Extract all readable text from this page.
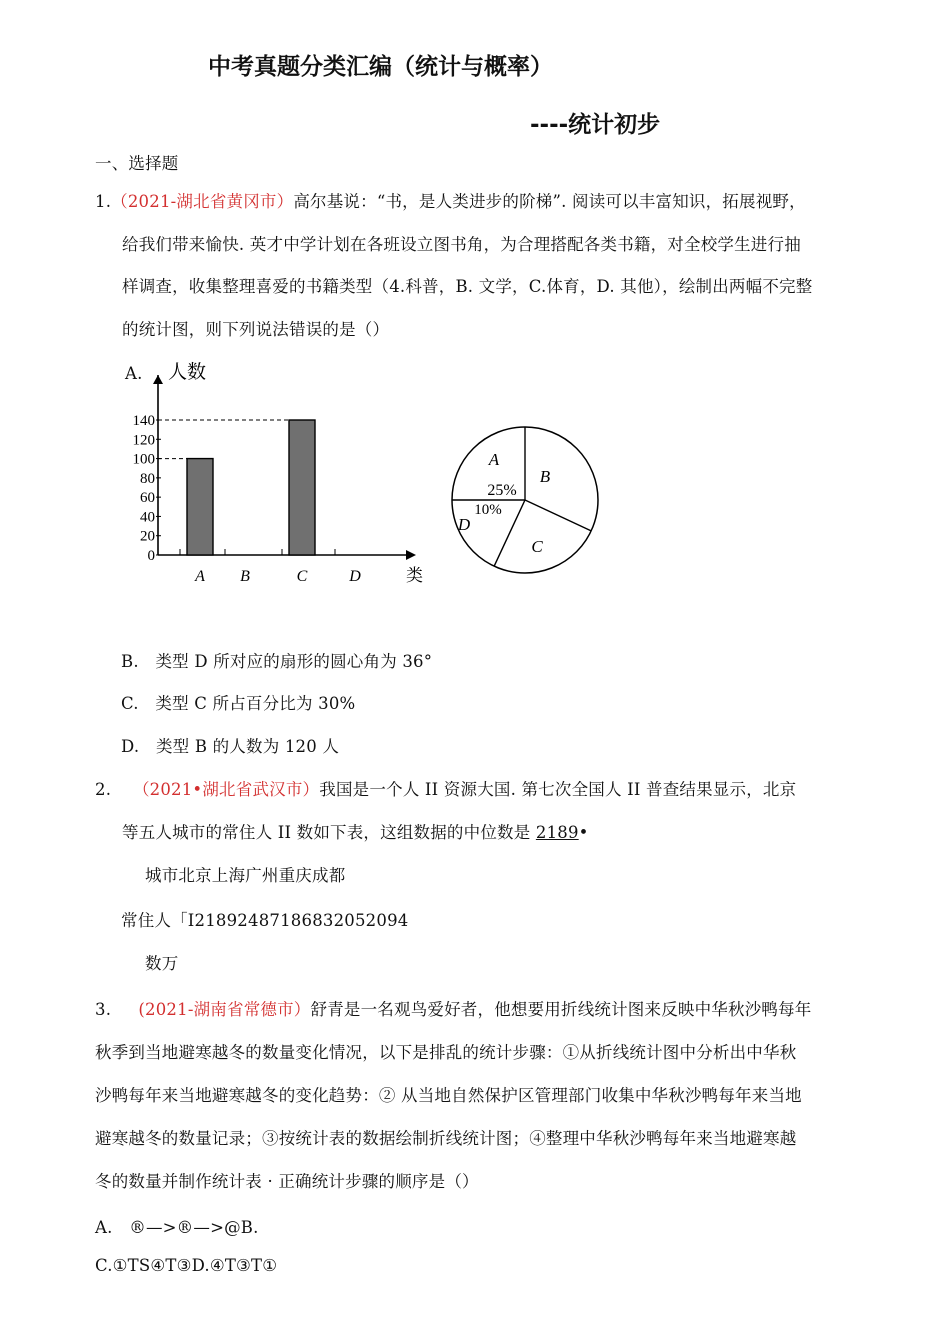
中考真题分类汇编（统计与概率）
----统计初步
一、选择题
1.（2021-湖北省黄冈市）高尔基说：“书，是人类进步的阶梯”. 阅读可以丰富知识，拓展视野，
给我们带来愉快. 英才中学计划在各班设立图书角，为合理搭配各类书籍，对全校学生进行抽
样调查，收集整理喜爱的书籍类型（4.科普，B. 文学，C.体育，D. 其他），绘制出两幅不完整
的统计图，则下列说法错误的是（）
A. 人数
类
140
120
100
80
60
40
20
0
A B	C	D
A
B
C
D
25%
10%
B.　类型 D 所对应的扇形的圆心角为 36°
C.　类型 C 所占百分比为 30%
D.　类型 B 的人数为 120 人
2. （2021•湖北省武汉市）我国是一个人 II 资源大国. 第七次全国人 II 普查结果显示，北京
等五人城市的常住人 II 数如下表，这组数据的中位数是 2189•
城市北京上海广州重庆成都
常住人「I21892487186832052094
数万
3. (2021-湖南省常德市）舒青是一名观鸟爱好者，他想要用折线统计图来反映中华秋沙鸭每年
秋季到当地避寒越冬的数量变化情况，以下是排乱的统计步骤：①从折线统计图中分析出中华秋
沙鸭每年来当地避寒越冬的变化趋势：② 从当地自然保护区管理部门收集中华秋沙鸭每年来当地
避寒越冬的数量记录；③按统计表的数据绘制折线统计图；④整理中华秋沙鸭每年来当地避寒越
冬的数量并制作统计表 · 正确统计步骤的顺序是（）
A.　®—>®—>@B.
C.①TS④T③D.④T③T①
